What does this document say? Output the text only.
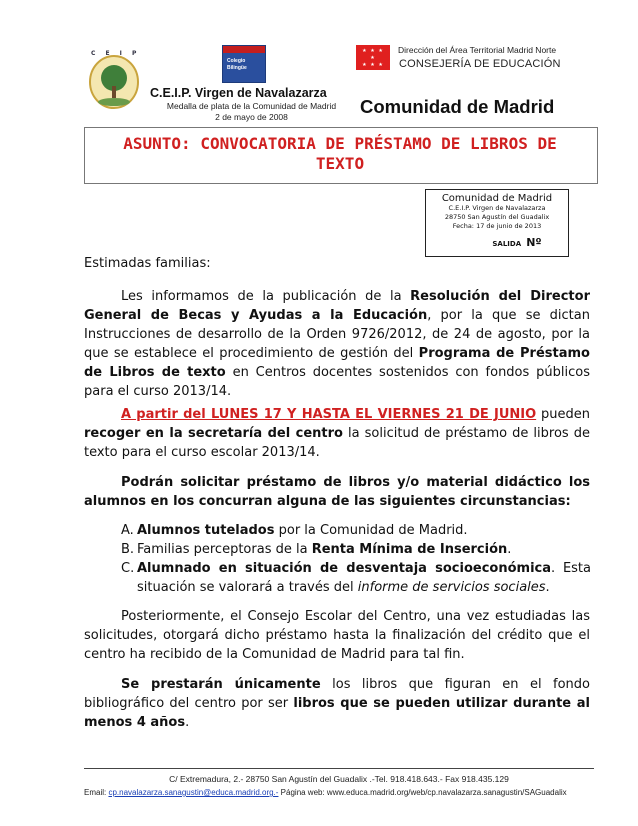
C E I P
Colegio
Bilingüe
★ ★ ★ ★
★ ★ ★
Dirección del Área Territorial Madrid Norte
CONSEJERÍA DE EDUCACIÓN
C.E.I.P. Virgen de Navalazarza
Medalla de plata de la Comunidad de Madrid
2 de mayo de 2008	Comunidad de Madrid
ASUNTO: CONVOCATORIA DE PRÉSTAMO DE LIBROS DE
TEXTO
Comunidad de Madrid
C.E.I.P. Virgen de Navalazarza
28750 San Agustín del Guadalix
Fecha: 17 de junio de 2013
SALIDA Nº
Estimadas familias:
Les informamos de la publicación de la Resolución del Director General de Becas y Ayudas a la Educación, por la que se dictan Instrucciones de desarrollo de la Orden 9726/2012, de 24 de agosto, por la que se establece el procedimiento de gestión del Programa de Préstamo de Libros de texto en Centros docentes sostenidos con fondos públicos para el curso 2013/14.
A partir del LUNES 17 Y HASTA EL VIERNES 21 DE JUNIO pueden recoger en la secretaría del centro la solicitud de préstamo de libros de texto para el curso escolar 2013/14.
Podrán solicitar préstamo de libros y/o material didáctico los alumnos en los concurran alguna de las siguientes circunstancias:
A. Alumnos tutelados por la Comunidad de Madrid.
B. Familias perceptoras de la Renta Mínima de Inserción.
C. Alumnado en situación de desventaja socioeconómica. Esta situación se valorará a través del informe de servicios sociales.
Posteriormente, el Consejo Escolar del Centro, una vez estudiadas las solicitudes, otorgará dicho préstamo hasta la finalización del crédito que el centro ha recibido de la Comunidad de Madrid para tal fin.
Se prestarán únicamente los libros que figuran en el fondo bibliográfico del centro por ser libros que se pueden utilizar durante al menos 4 años.
C/ Extremadura, 2.- 28750 San Agustín del Guadalix .-Tel. 918.418.643.- Fax 918.435.129
Email: cp.navalazarza.sanagustin@educa.madrid.org.- Página web: www.educa.madrid.org/web/cp.navalazarza.sanagustin/SAGuadalix
